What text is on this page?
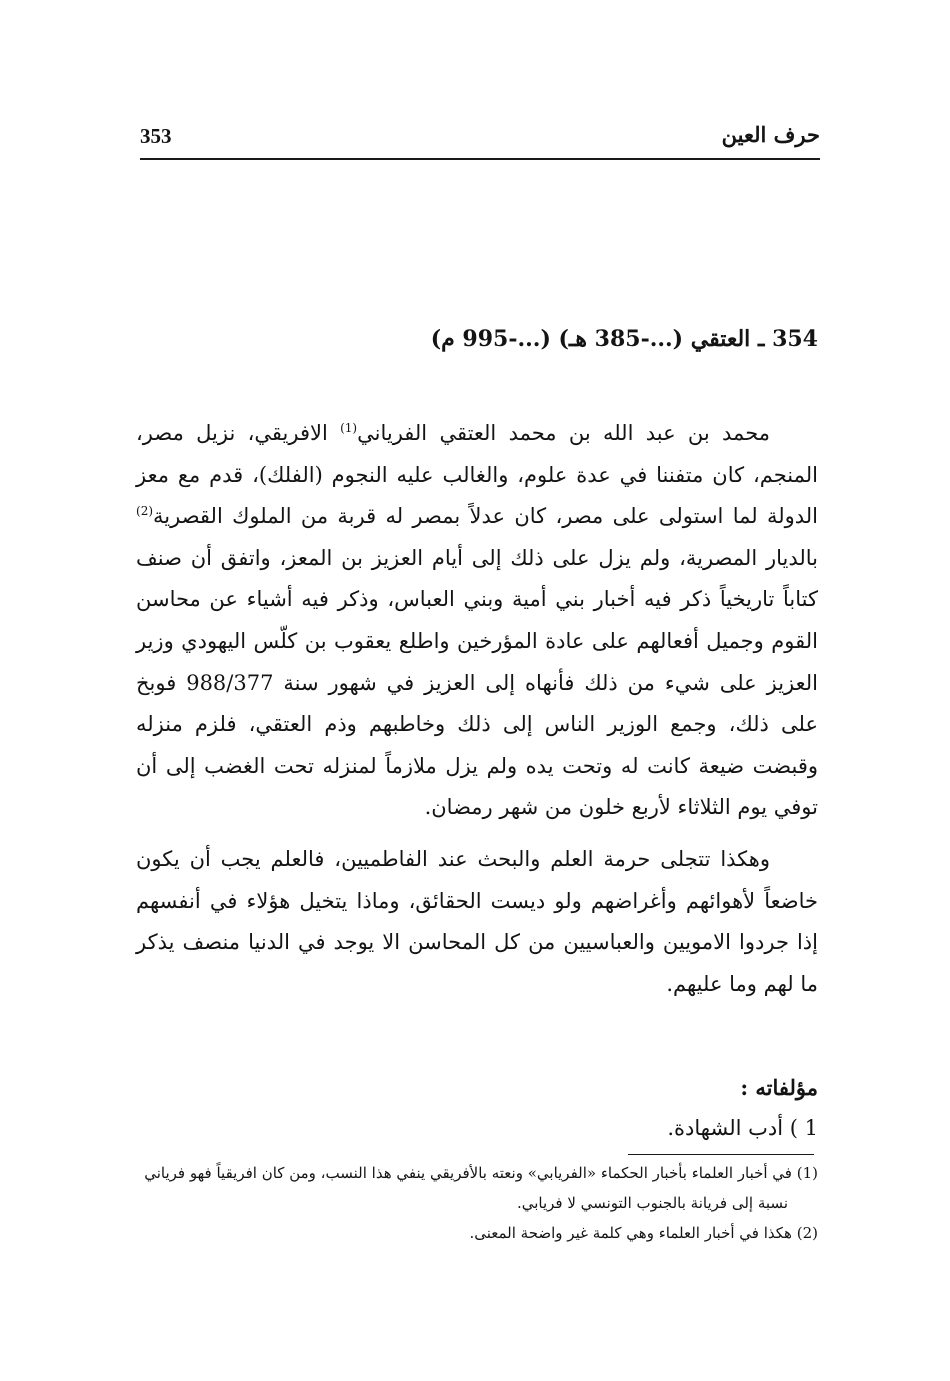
353	حرف العين
354 ـ العتقي (...-385 هـ) (...-995 م)

محمد بن عبد الله بن محمد العتقي الفرياني$^{(1)}$ الافريقي، نزيل مصر، المنجم، كان متفننا في عدة علوم، والغالب عليه النجوم (الفلك)، قدم مع معز الدولة لما استولى على مصر، كان عدلاً بمصر له قربة من الملوك القصرية$^{(2)}$ بالديار المصرية، ولم يزل على ذلك إلى أيام العزيز بن المعز، واتفق أن صنف كتاباً تاريخياً ذكر فيه أخبار بني أمية وبني العباس، وذكر فيه أشياء عن محاسن القوم وجميل أفعالهم على عادة المؤرخين واطلع يعقوب بن كلّس اليهودي وزير العزيز على شيء من ذلك فأنهاه إلى العزيز في شهور سنة 988/377 فوبخ على ذلك، وجمع الوزير الناس إلى ذلك وخاطبهم وذم العتقي، فلزم منزله وقبضت ضيعة كانت له وتحت يده ولم يزل ملازماً لمنزله تحت الغضب إلى أن توفي يوم الثلاثاء لأربع خلون من شهر رمضان.

وهكذا تتجلى حرمة العلم والبحث عند الفاطميين، فالعلم يجب أن يكون خاضعاً لأهوائهم وأغراضهم ولو ديست الحقائق، وماذا يتخيل هؤلاء في أنفسهم إذا جردوا الامويين والعباسيين من كل المحاسن الا يوجد في الدنيا منصف يذكر ما لهم وما عليهم.

مؤلفاته :
1 ) أدب الشهادة.

(1) في أخبار العلماء بأخبار الحكماء «الفريابي» ونعته بالأفريقي ينفي هذا النسب، ومن كان افريقياً فهو فرياني

نسبة إلى فريانة بالجنوب التونسي لا فريابي.

(2) هكذا في أخبار العلماء وهي كلمة غير واضحة المعنى.
